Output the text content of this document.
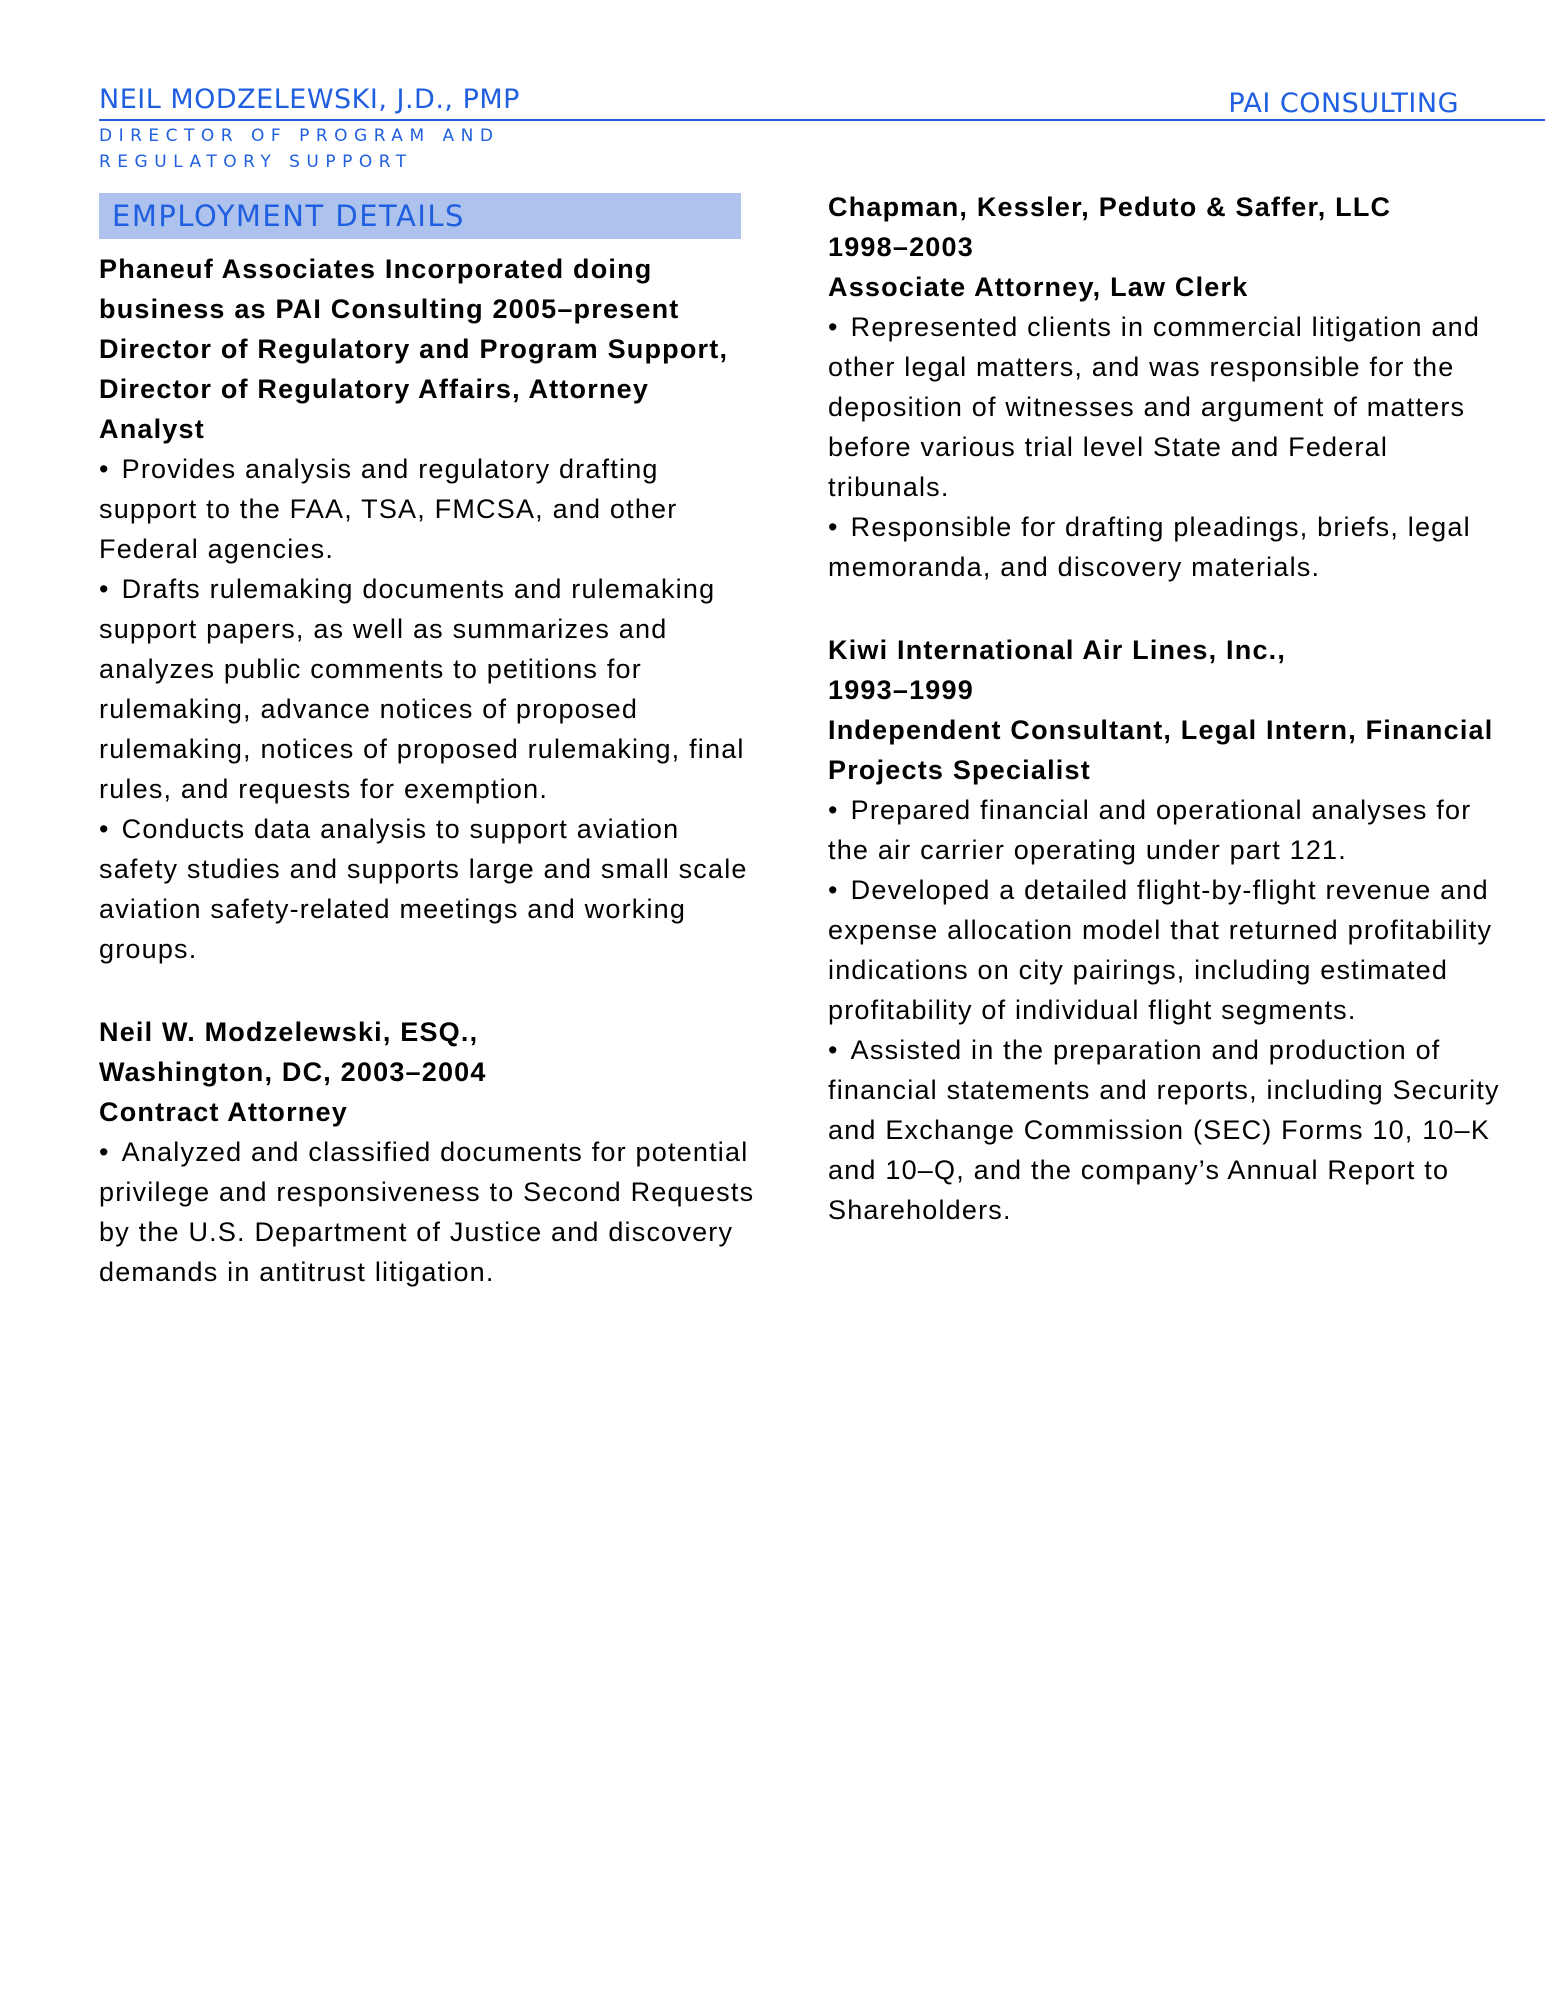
NEIL MODZELEWSKI, J.D., PMP	PAI CONSULTING
DIRECTOR OF PROGRAM AND REGULATORY SUPPORT
EMPLOYMENT DETAILS

Phaneuf Associates Incorporated doing business as PAI Consulting 2005–present Director of Regulatory and Program Support, Director of Regulatory Affairs, Attorney Analyst

• Provides analysis and regulatory drafting support to the FAA, TSA, FMCSA, and other Federal agencies.

• Drafts rulemaking documents and rulemaking support papers, as well as summarizes and analyzes public comments to petitions for rulemaking, advance notices of proposed rulemaking, notices of proposed rulemaking, final rules, and requests for exemption.

• Conducts data analysis to support aviation safety studies and supports large and small scale aviation safety-related meetings and working groups.

Neil W. Modzelewski, ESQ.,

Washington, DC, 2003–2004

Contract Attorney

• Analyzed and classified documents for potential privilege and responsiveness to Second Requests by the U.S. Department of Justice and discovery demands in antitrust litigation.

Chapman, Kessler, Peduto & Saffer, LLC

1998–2003

Associate Attorney, Law Clerk

• Represented clients in commercial litigation and other legal matters, and was responsible for the deposition of witnesses and argument of matters before various trial level State and Federal tribunals.

• Responsible for drafting pleadings, briefs, legal memoranda, and discovery materials.

Kiwi International Air Lines, Inc.,

1993–1999

Independent Consultant, Legal Intern, Financial Projects Specialist

• Prepared financial and operational analyses for the air carrier operating under part 121.

• Developed a detailed flight-by-flight revenue and expense allocation model that returned profitability indications on city pairings, including estimated profitability of individual flight segments.

• Assisted in the preparation and production of financial statements and reports, including Security and Exchange Commission (SEC) Forms 10, 10–K and 10–Q, and the company’s Annual Report to Shareholders.
